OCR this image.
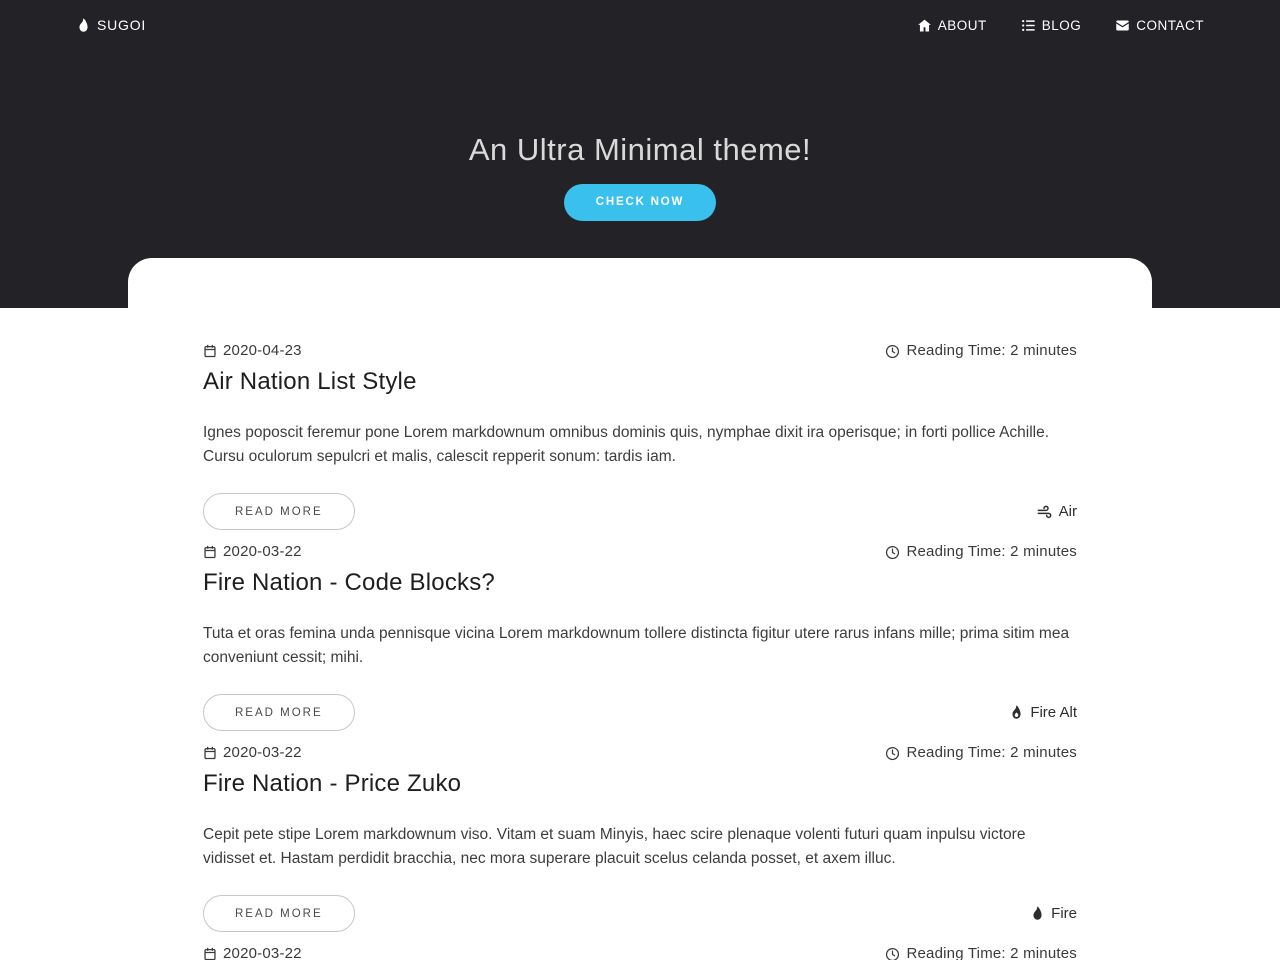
SUGOI	ABOUT	BLOG	CONTACT
An Ultra Minimal theme!
CHECK NOW
2020-04-23	Reading Time: 2 minutes
Air Nation List Style

Ignes poposcit feremur pone Lorem markdownum omnibus dominis quis, nymphae dixit ira operisque; in forti pollice Achille. Cursu oculorum sepulcri et malis, calescit repperit sonum: tardis iam.

READ MORE	Air
2020-03-22	Reading Time: 2 minutes
Fire Nation - Code Blocks?

Tuta et oras femina unda pennisque vicina Lorem markdownum tollere distincta figitur utere rarus infans mille; prima sitim mea conveniunt cessit; mihi.

READ MORE	Fire Alt
2020-03-22	Reading Time: 2 minutes
Fire Nation - Price Zuko

Cepit pete stipe Lorem markdownum viso. Vitam et suam Minyis, haec scire plenaque volenti futuri quam inpulsu victore vidisset et. Hastam perdidit bracchia, nec mora superare placuit scelus celanda posset, et axem illuc.

READ MORE	Fire
2020-03-22	Reading Time: 2 minutes
